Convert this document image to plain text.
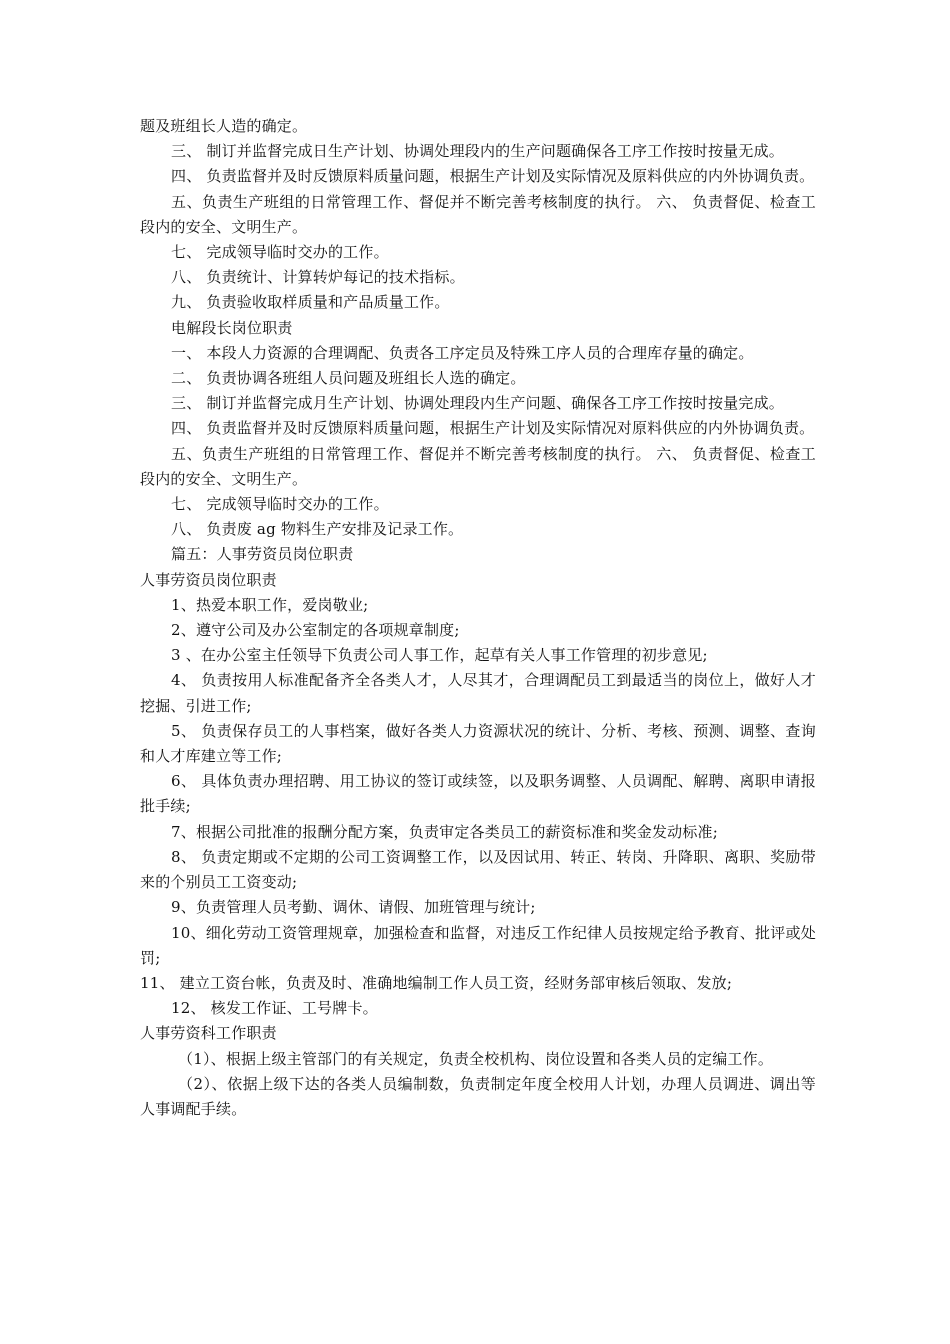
题及班组长人造的确定。

三、 制订并监督完成日生产计划、协调处理段内的生产问题确保各工序工作按时按量无成。

四、 负责监督并及时反馈原料质量问题，根据生产计划及实际情况及原料供应的内外协调负责。

五、负责生产班组的日常管理工作、督促并不断完善考核制度的执行。 六、 负责督促、检查工段内的安全、文明生产。

七、 完成领导临时交办的工作。

八、 负责统计、计算转炉每记的技术指标。

九、 负责验收取样质量和产品质量工作。

电解段长岗位职责

一、 本段人力资源的合理调配、负责各工序定员及特殊工序人员的合理库存量的确定。

二、 负责协调各班组人员问题及班组长人选的确定。

三、 制订并监督完成月生产计划、协调处理段内生产问题、确保各工序工作按时按量完成。

四、 负责监督并及时反馈原料质量问题，根据生产计划及实际情况对原料供应的内外协调负责。

五、负责生产班组的日常管理工作、督促并不断完善考核制度的执行。 六、 负责督促、检查工段内的安全、文明生产。

七、 完成领导临时交办的工作。

八、 负责废 ag 物料生产安排及记录工作。

篇五：人事劳资员岗位职责

人事劳资员岗位职责

1、热爱本职工作，爱岗敬业;

2、遵守公司及办公室制定的各项规章制度;

3 、在办公室主任领导下负责公司人事工作，起草有关人事工作管理的初步意见;

4、 负责按用人标准配备齐全各类人才，人尽其才，合理调配员工到最适当的岗位上，做好人才挖掘、引进工作;

5、 负责保存员工的人事档案，做好各类人力资源状况的统计、分析、考核、预测、调整、查询和人才库建立等工作;

6、 具体负责办理招聘、用工协议的签订或续签，以及职务调整、人员调配、解聘、离职申请报批手续;

7、根据公司批准的报酬分配方案，负责审定各类员工的薪资标准和奖金发动标准;

8、 负责定期或不定期的公司工资调整工作，以及因试用、转正、转岗、升降职、离职、奖励带来的个别员工工资变动;

9、负责管理人员考勤、调休、请假、加班管理与统计;

10、细化劳动工资管理规章，加强检查和监督，对违反工作纪律人员按规定给予教育、批评或处罚;

11、 建立工资台帐，负责及时、准确地编制工作人员工资，经财务部审核后领取、发放;

12、 核发工作证、工号牌卡。

人事劳资科工作职责

（1）、根据上级主管部门的有关规定，负责全校机构、岗位设置和各类人员的定编工作。

（2）、依据上级下达的各类人员编制数，负责制定年度全校用人计划，办理人员调进、调出等人事调配手续。
